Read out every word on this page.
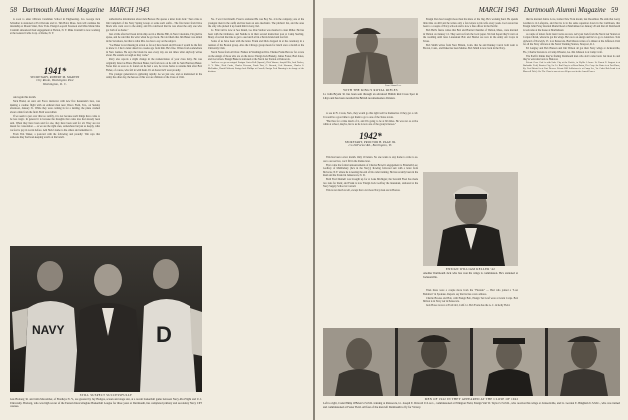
58 Dartmouth Alumni Magazine MARCH 1943

is soon to enter Officers Candidate School in Engineering. Lts. George Jack Schreiber is stationed at Fort Devens and Lt. Tim Bold, Mass. Jack will continue his internship at Mount Sinai, New York. Ensign Leopold Swenson and Miss Marie Mae Crandall announced their engagement at Bolton, N. Y. Mike Crandell is now working at the General Cable Corp. of Rome, N. Y.

1941*
SECRETARY, ROBERT M. MARVIN
City Room, Washington Post
Washington, D. C.

And again this month.

Nick Brand, an Atev Air Force instructor with new five lieutenant's bars, was making a routine flight with an enlisted man near Wasco Field, Tex., on Sunday afternoon, January 31. While they were coming in for a landing, the plane crashed about a mile from the field. Both were killed.

If we seem to jest over this too swiftly, it is not because such things have come to be less tragic. In general it is because the thoughts that came true had already been said. When they have been said for one, they have been said for all. They are not meant for consolation — as we are the right ones, somewhere but just as deeply, what we feel to pay in words before. Add Nick's name to the others and remember it.

From Tim Tinker, a postcard with the following and proudly: Tim says that someone they had been keeping watch on the bench.

authoritative information about Jack Brewer. He quotes a letter from Jack: "Just a line to Jim Campbell of the Navy Spring Group or some such outfit... The first letter from Dave Mack who went over to the Army, and I'm convinced that he was about the only one who got both of us home."

Just a little after he'd been in his ship out in a Marine Hill, in New Caledonia, I'm glad he spoke, and he said that his wrist when he got back. He told them that Jim Baker was killed in the Solomons, but that is what Mrs. Jeo has to say on the subject.

"Joe Baker is not missing in action so far as I have heard and I'm sure I would be the first to know it. I had a letter dated two weeks ago from him. He's fine. Writes from somewhere in New Guinea. He says the blasts he sees every day are ten times what anybody writes about. He sounds as tough as they come."

Perry also reports a slight change in the nomenclature of your class baby. He was originally listed as Bruce Harrison Baker, but from now on he will be Sam Harrison Baker. Notes that as soon as Jo found out he had a son, he wrote home to rename him after Bob Fisher, of course, who fell in with them. It's an honor he'll wear proudly.

The younger generation is gathering rapidly. As we just saw, and as mentioned in the Army the other day, the heroes of this war are children of the Class of 1941.

No. 3 war Cleri Knefli. Freet is stationed He was Boy No. 4 in the company; one of the youngest men in the outfit and has been an auto mechanic. The pitchers' list, and the ones the only who picked it up found him in Gary, Ind.

Lt. Fritz Gill is now at Sea Island, Ga. Pete Stelton was married to Jean Miller. He has been with the Ordnance, and Neddie is in their second instruction post at Camp Sterling. Many of us had the time to get to one lunch all in a Parris Island unit last fall.

Some of us have been with the letter. Frank and Dick dropped in at the ceremony in a reunion of the Boston group. Also the Chicago group meets for lunch once a month at the University Club.

Naval Notes from All Over. Fishers in Washington Dirs. Thanks Frank Barcow for a note on the ensign of those who are on the move: Ensign Jack Blakely, James Foster, Bud Jones, and Joe Gilson. Ensign Blake is stationed at the Naval Air Station at Pensacola.

And here we go on ensigns! Ensigns Carter Bell (Sprazie), Dick Warner; Joseph Ellis, Jack Fischer, G. V. Hoke, Herb Curtis, Charles Peterson, Frank Yost, G. Bennett, Cole Sherman, Charles S. McFadden, Harold Wolcott; Ensign Jack Phillips at Cornell; Ensign Fred Dunning is in charge of the division.

NAVY	D
STILL SUSPECT SUCCESSFULLY
Gus Broberg '41 and John Macomber, of Bradleys N. Y., are greeted by Jay Hodges, screen and stage star, at a recent basketball game between Navy-Pre-Flight and U. I. University. Broberg, who was high scorer of the Eastern Intercollegiate Basketball League for three years at Dartmouth, has completed primary and secondary Navy CPT courses.
MARCH 1943 Dartmouth Alumni Magazine 59
From Alumni Loc.
WITH THE KING'S ROYAL RIFLES
Lt. John Bryant '41 has been sent through an advanced British Red Cross Spot in Libya and has been awarded the British reconnaissance division.

to see in Ft. Crook, Neb., they would go this right well be themselves if they got a call. It would be a good time to get them to go to one of the Texas towns.

"Bud has for a time much of it, and I'm going to be at 60 miles. He was not as active while at school, maybe, but to us he is now one of the group's heroes."

1942*
SECRETARY, PROCTOR H. PAGE JR.
c/o DeForest Rd., Burlington, Vt.

This has been a slow month. Only 19 letters. No one wants to stay home to write to us. As to our service, we ll fill in the blanks later.

First come the formal announcements of Charles Brown's engagement to Elizabeth Lee; Godfrey of Middlebury (he's in the Navy); Rowing followed suit with a letter from McGraw, N.Y. where he is nearing the end of his cadet training. He has recently been in the Reid and the Strand in Jamestown, N. D.

Both Fred Dunnell was brought up for at Lake Michigan; the Seventh Fleet has made two runs for them; and Frank is now Ensign Jack Godfrey the lieutenant, stationed at the Navy Supply School at Cornell.

This is not much to tell, except that a lot more Navy men are in Boston.

Ensign Don has brought more than his share of the flag. He's working hard. He spends little time on drill and he writes only a few letters to his wife every week. Joe Larson has been to a couple of Navy schools and is now a fine officer in the Pacific.

Bob Hall's fiance writes that Bob and Harriet Chandler of Walton, Mass., were married in Walton on January 12. They sent us from the local paper. We had hoped they'd wait on the wedding until later. Lieutenant Bob and Harriet are now in the Army Air Corps in Texas.

Bob Smith writes from New Britain, Conn. that he and Dunkey Carrol both went to Brown, Conn., and Duke has been Marine. Bob Smith is now back in the Navy.

ENSIGN WILLIAM KELLER '42
Another Dartmouth Jack who has won his wings is commission. He's stationed at Jacksonville.

Then there were a couple more from the "Fireside" — Bud who joined a "Lost Battalion" in Spokane. Reports say that he has a new address.

Charlie Brooks and Bob, with Ensign Bob, Ensign Ted Graf were at Grant Corps. Bob Milton is in Navy Air in Pensacola.

Jack Howe is now at Ford Ord, Calif. Lt. Bob Evans has the A. C. in Kelly Field.

that he married Janice Love, former New York model, last December. He adds that Gerry Grothen is in Lafayette, and that he is in the same squadron down in the Caribbean, that Ensign John Foley married Muriel Read at Marblehead on January 20 and that all Dartmouth is welcome at the house at Marblehead.

A couple of letters from Glen Carrie are new. Art's just back from the Naval Air Station at Corpus Christi, where he got his wings. He's now an ensign and he's to go to Glenview. Tom Aylward of Norwich, Vt. is at Pensacola. Bud Mason writes of a dinner at the Jefferson Club for all the Navy officers at the Naval Training Station, Newport, R. I.

Ed Langley and Bob Hanson and Jim Wilson all got their Navy wings at Jacksonville, Fla.; Charlie Stevens is at Camp Wheeler, Ga. Jim Johnson is at Camp Croft.

The Pacific thinks they're finding Dartmouth men who don't come back: but most do and they're welcome back to Hanover.

Private Gene Curl is with Lake City at the Pacific, in Wyllis A Jones. Lt. Ernest E. Sargent is at Barksdale Field, Bossier City, La. Lt. Bud Gray is at Boca Raton, Fla. Corp. Joe Bates is at Fort Knox, Ky. Fred Bristol is at Fort Devens. Private Bill Seilheimer is at Camp Lee, Va. Cadet Bob Lund is at Maxwell Field, Ala. The Class is now at over 80 per cent in the Armed Forces.

MEN OF 1942 IN THEY APPEARED AT THE CLOSE OF 1942
Left to right, Cadet Philip O'Brien U.S.N.R. training at Pensacola, Lt. Joseph E. Driscoll U.S.A.C., commissioned at Ellington Field, Ensign Vail W. Taylor U.S.N.R., who received his wings at Jacksonville, and Lt. Gordon E. Bingham U.S.M.C., who was trained and commissioned at Foster Field. All four of the men left Dartmouth to fly for Victory.
